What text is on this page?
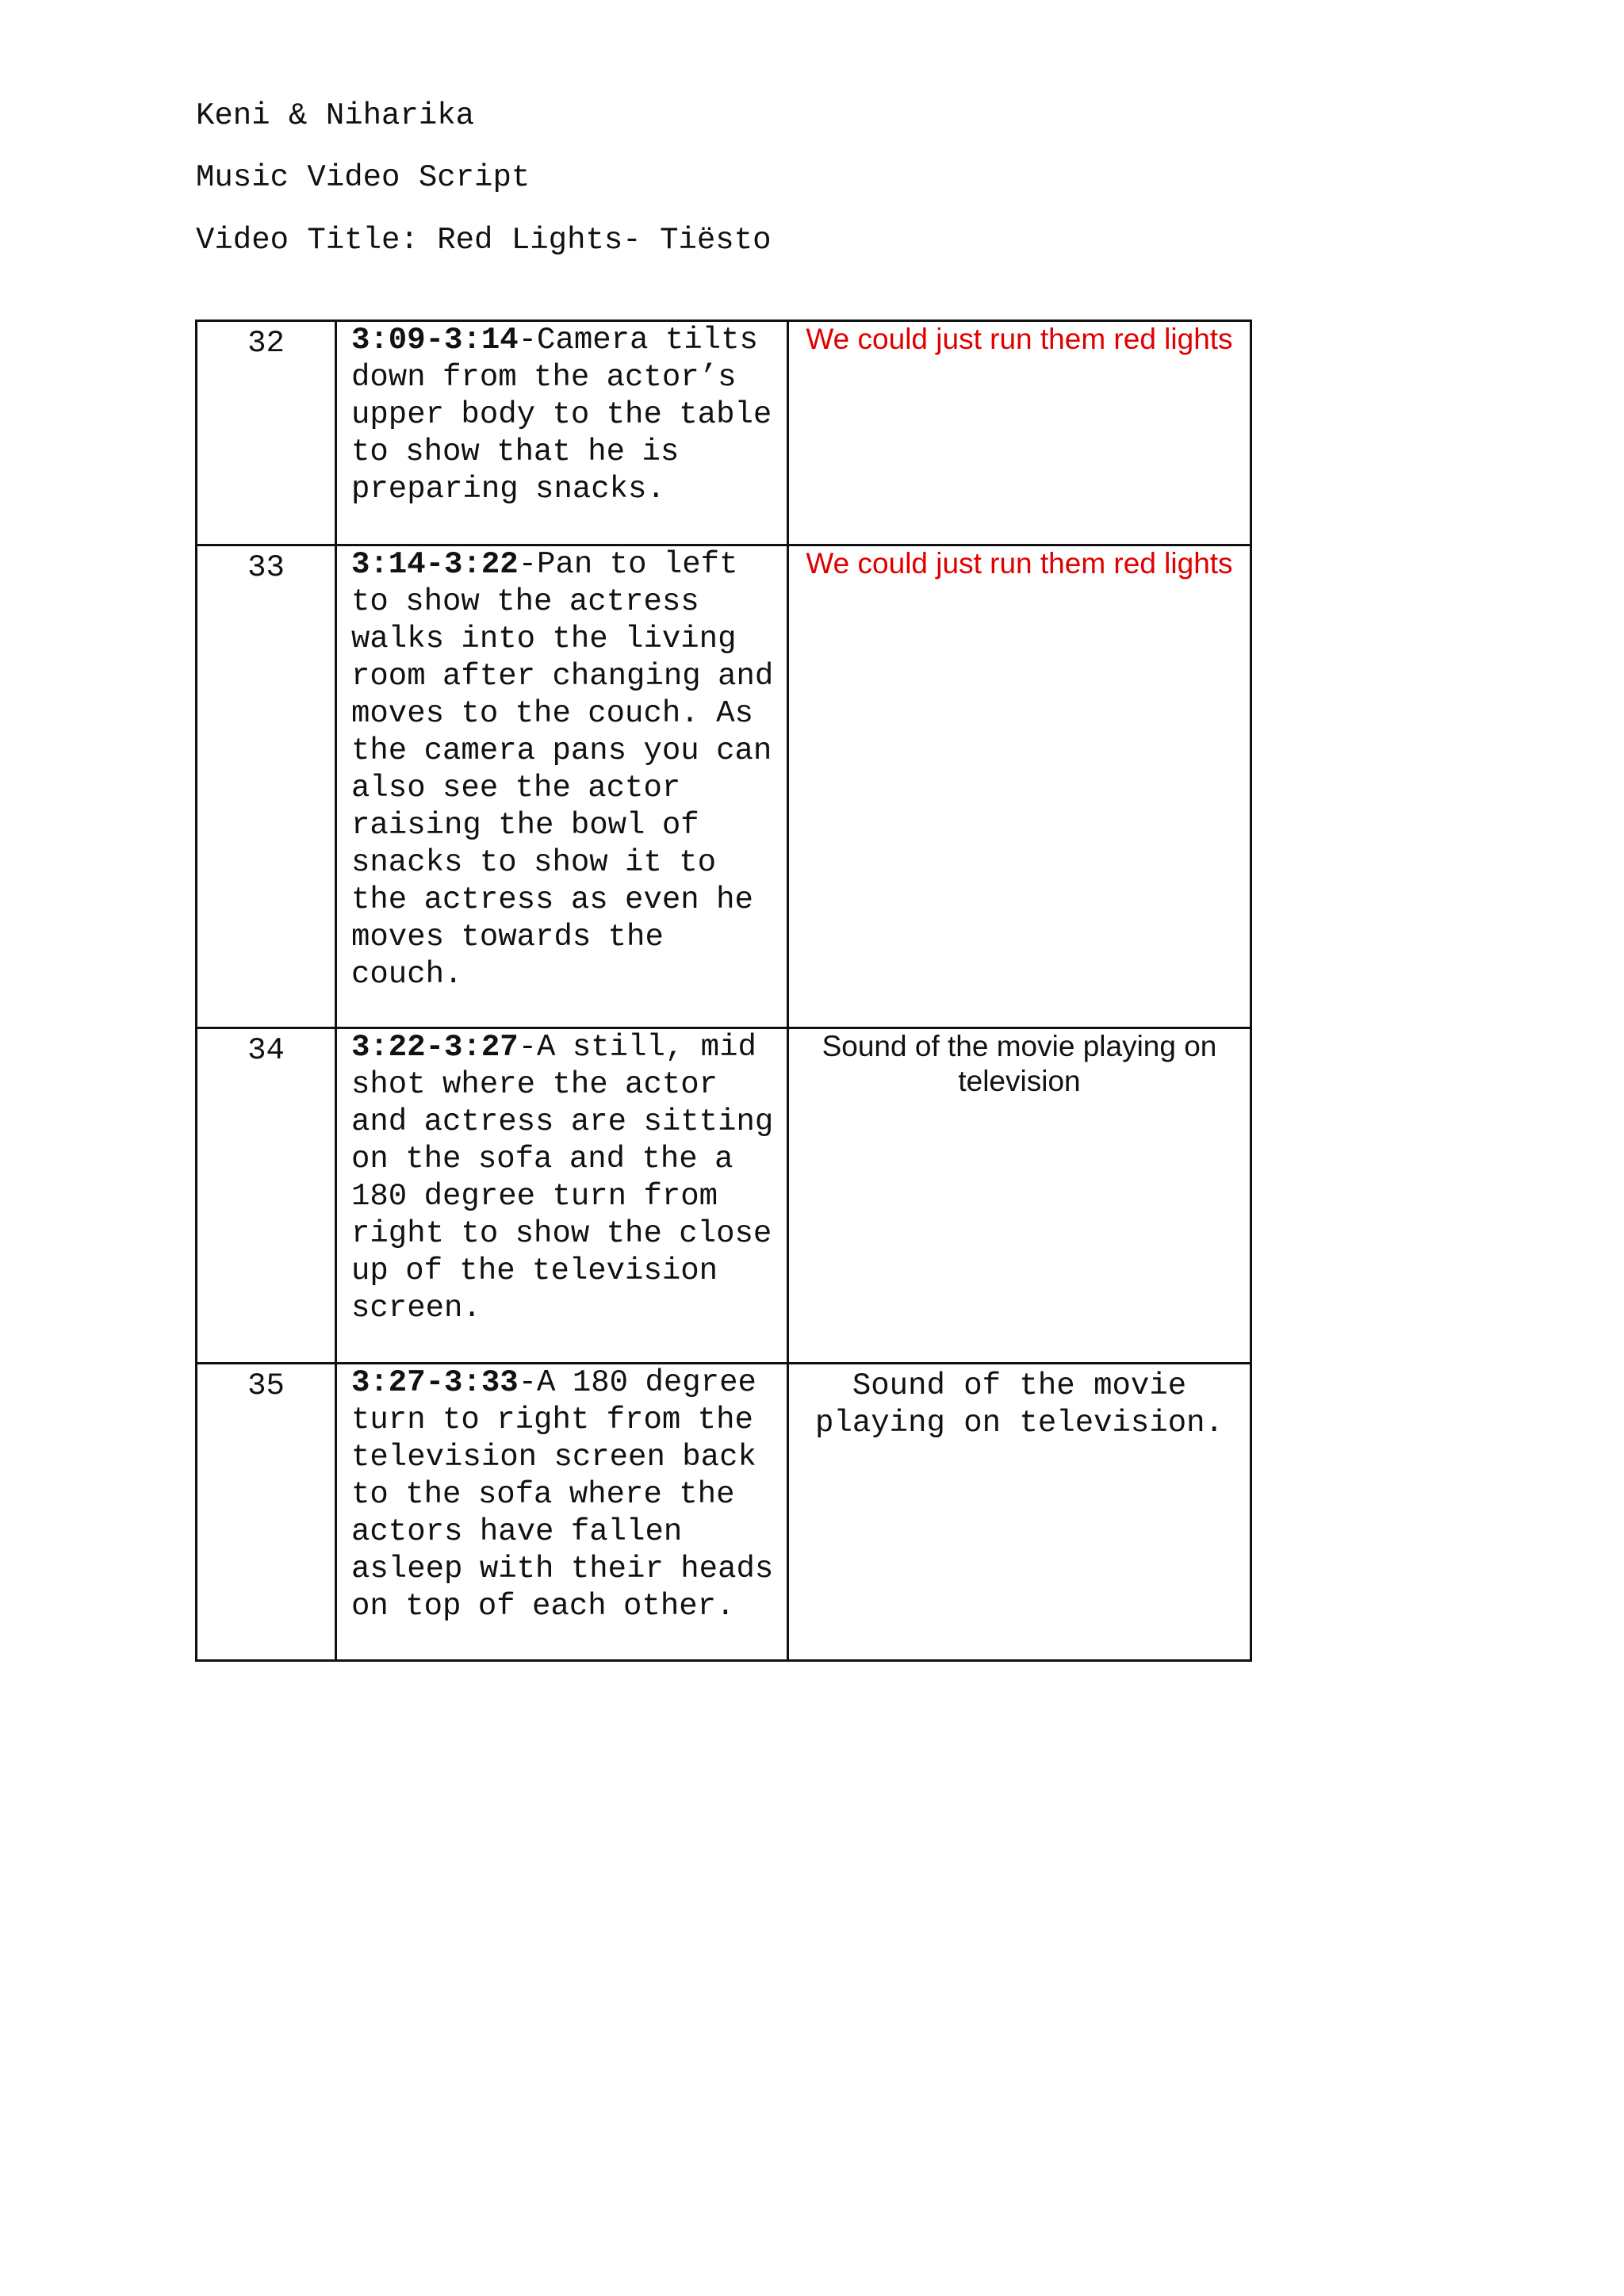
Keni & Niharika
Music Video Script
Video Title: Red Lights- Tiësto
32	3:09-3:14-Camera tilts down from the actor’s upper body to the table to show that he is preparing snacks.	We could just run them red lights

33	3:14-3:22-Pan to left to show the actress walks into the living room after changing and moves to the couch. As the camera pans you can also see the actor raising the bowl of snacks to show it to the actress as even he moves towards the couch.	We could just run them red lights

34	3:22-3:27-A still, mid shot where the actor and actress are sitting on the sofa and the a 180 degree turn from right to show the close up of the television screen.	Sound of the movie playing on television

35	3:27-3:33-A 180 degree turn to right from the television screen back to the sofa where the actors have fallen asleep with their heads on top of each other.	Sound of the movie playing on television.
